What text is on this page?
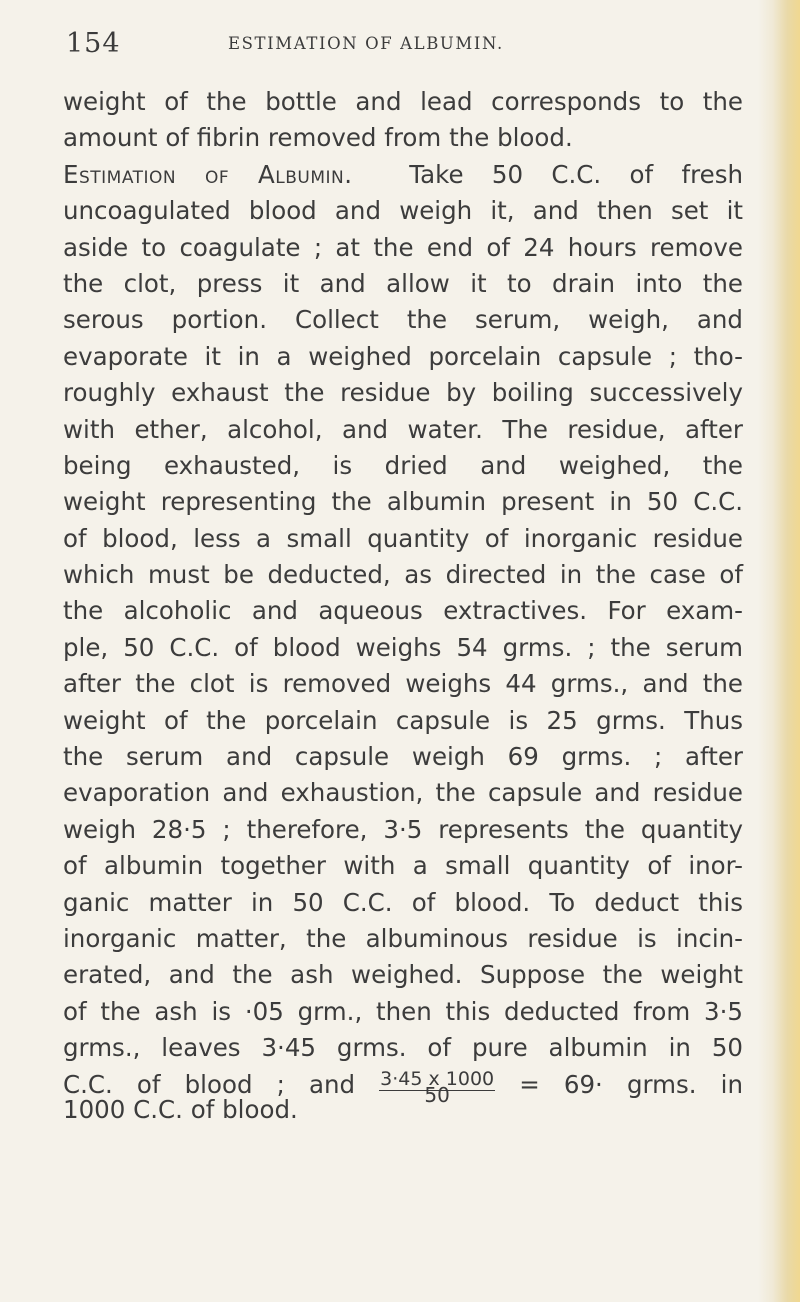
154	ESTIMATION OF ALBUMIN.
weight of the bottle and lead corresponds to the
amount of fibrin removed from the blood.
Estimation of Albumin. Take 50 C.C. of fresh
uncoagulated blood and weigh it, and then set it
aside to coagulate ; at the end of 24 hours remove
the clot, press it and allow it to drain into the
serous portion. Collect the serum, weigh, and
evaporate it in a weighed porcelain capsule ; tho-
roughly exhaust the residue by boiling successively
with ether, alcohol, and water. The residue, after
being exhausted, is dried and weighed, the
weight representing the albumin present in 50 C.C.
of blood, less a small quantity of inorganic residue
which must be deducted, as directed in the case of
the alcoholic and aqueous extractives. For exam-
ple, 50 C.C. of blood weighs 54 grms. ; the serum
after the clot is removed weighs 44 grms., and the
weight of the porcelain capsule is 25 grms. Thus
the serum and capsule weigh 69 grms. ; after
evaporation and exhaustion, the capsule and residue
weigh 28·5 ; therefore, 3·5 represents the quantity
of albumin together with a small quantity of inor-
ganic matter in 50 C.C. of blood. To deduct this
inorganic matter, the albuminous residue is incin-
erated, and the ash weighed. Suppose the weight
of the ash is ·05 grm., then this deducted from 3·5
grms., leaves 3·45 grms. of pure albumin in 50
C.C. of blood ; and 3·45 x 1000
50	= 69· grms. in
1000 C.C. of blood.
